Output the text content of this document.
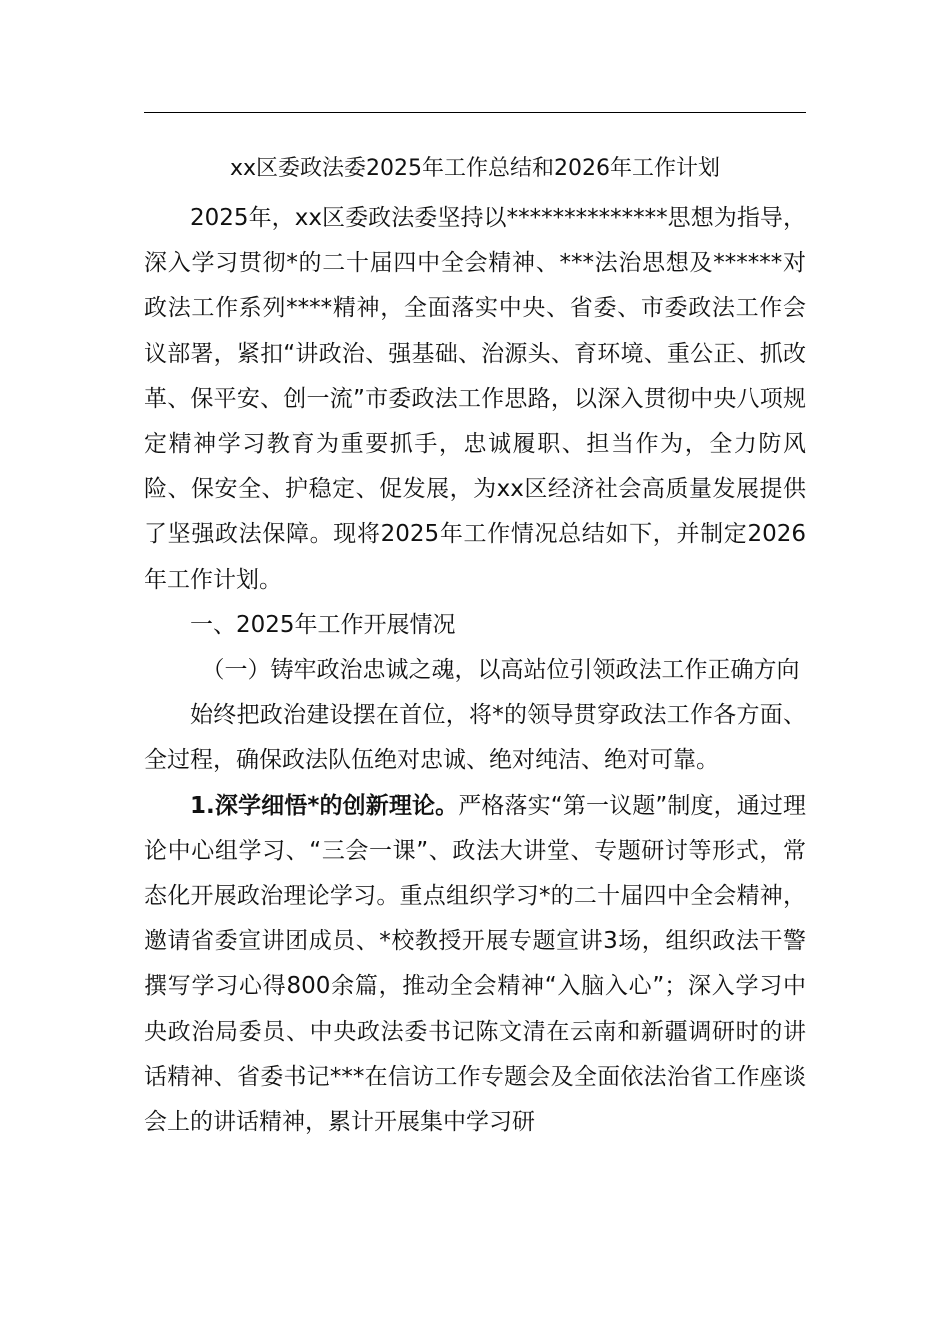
xx区委政法委2025年工作总结和2026年工作计划

2025年，xx区委政法委坚持以**************思想为指导，深入学习贯彻*的二十届四中全会精神、***法治思想及******对政法工作系列****精神，全面落实中央、省委、市委政法工作会议部署，紧扣“讲政治、强基础、治源头、育环境、重公正、抓改革、保平安、创一流”市委政法工作思路，以深入贯彻中央八项规定精神学习教育为重要抓手，忠诚履职、担当作为，全力防风险、保安全、护稳定、促发展，为xx区经济社会高质量发展提供了坚强政法保障。现将2025年工作情况总结如下，并制定2026年工作计划。

一、2025年工作开展情况

（一）铸牢政治忠诚之魂，以高站位引领政法工作正确方向

始终把政治建设摆在首位，将*的领导贯穿政法工作各方面、全过程，确保政法队伍绝对忠诚、绝对纯洁、绝对可靠。

1.深学细悟*的创新理论。严格落实“第一议题”制度，通过理论中心组学习、“三会一课”、政法大讲堂、专题研讨等形式，常态化开展政治理论学习。重点组织学习*的二十届四中全会精神，邀请省委宣讲团成员、*校教授开展专题宣讲3场，组织政法干警撰写学习心得800余篇，推动全会精神“入脑入心”；深入学习中央政治局委员、中央政法委书记陈文清在云南和新疆调研时的讲话精神、省委书记***在信访工作专题会及全面依法治省工作座谈会上的讲话精神，累计开展集中学习研
